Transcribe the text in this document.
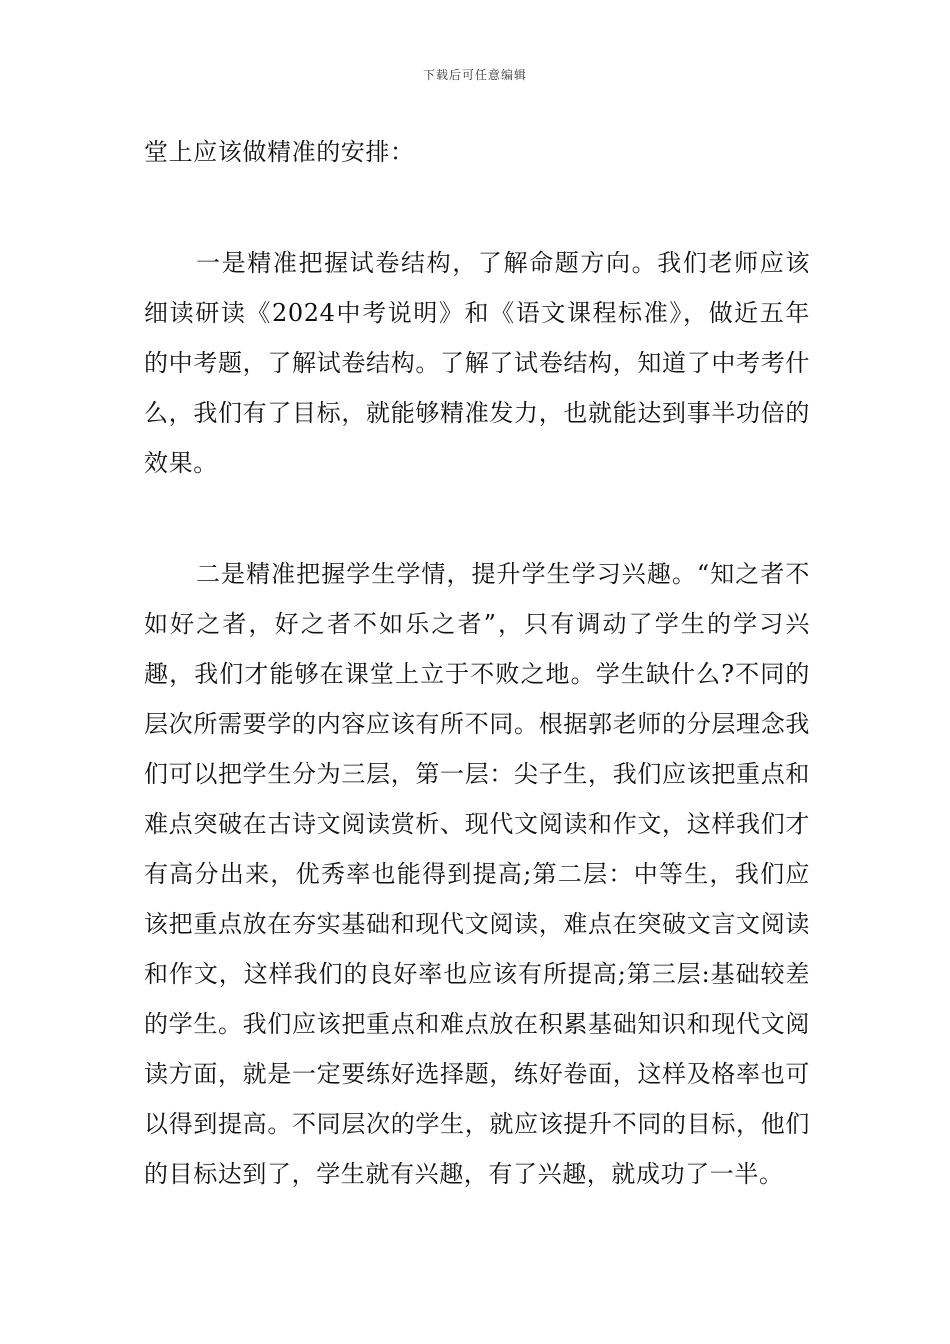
下载后可任意编辑

堂上应该做精准的安排：

一是精准把握试卷结构，了解命题方向。我们老师应该细读研读《2024中考说明》和《语文课程标准》，做近五年的中考题，了解试卷结构。了解了试卷结构，知道了中考考什么，我们有了目标，就能够精准发力，也就能达到事半功倍的效果。

二是精准把握学生学情，提升学生学习兴趣。“知之者不如好之者，好之者不如乐之者”，只有调动了学生的学习兴趣，我们才能够在课堂上立于不败之地。学生缺什么?不同的层次所需要学的内容应该有所不同。根据郭老师的分层理念我们可以把学生分为三层，第一层：尖子生，我们应该把重点和难点突破在古诗文阅读赏析、现代文阅读和作文，这样我们才有高分出来，优秀率也能得到提高;第二层：中等生，我们应该把重点放在夯实基础和现代文阅读，难点在突破文言文阅读和作文，这样我们的良好率也应该有所提高;第三层:基础较差的学生。我们应该把重点和难点放在积累基础知识和现代文阅读方面，就是一定要练好选择题，练好卷面，这样及格率也可以得到提高。不同层次的学生，就应该提升不同的目标，他们的目标达到了，学生就有兴趣，有了兴趣，就成功了一半。
